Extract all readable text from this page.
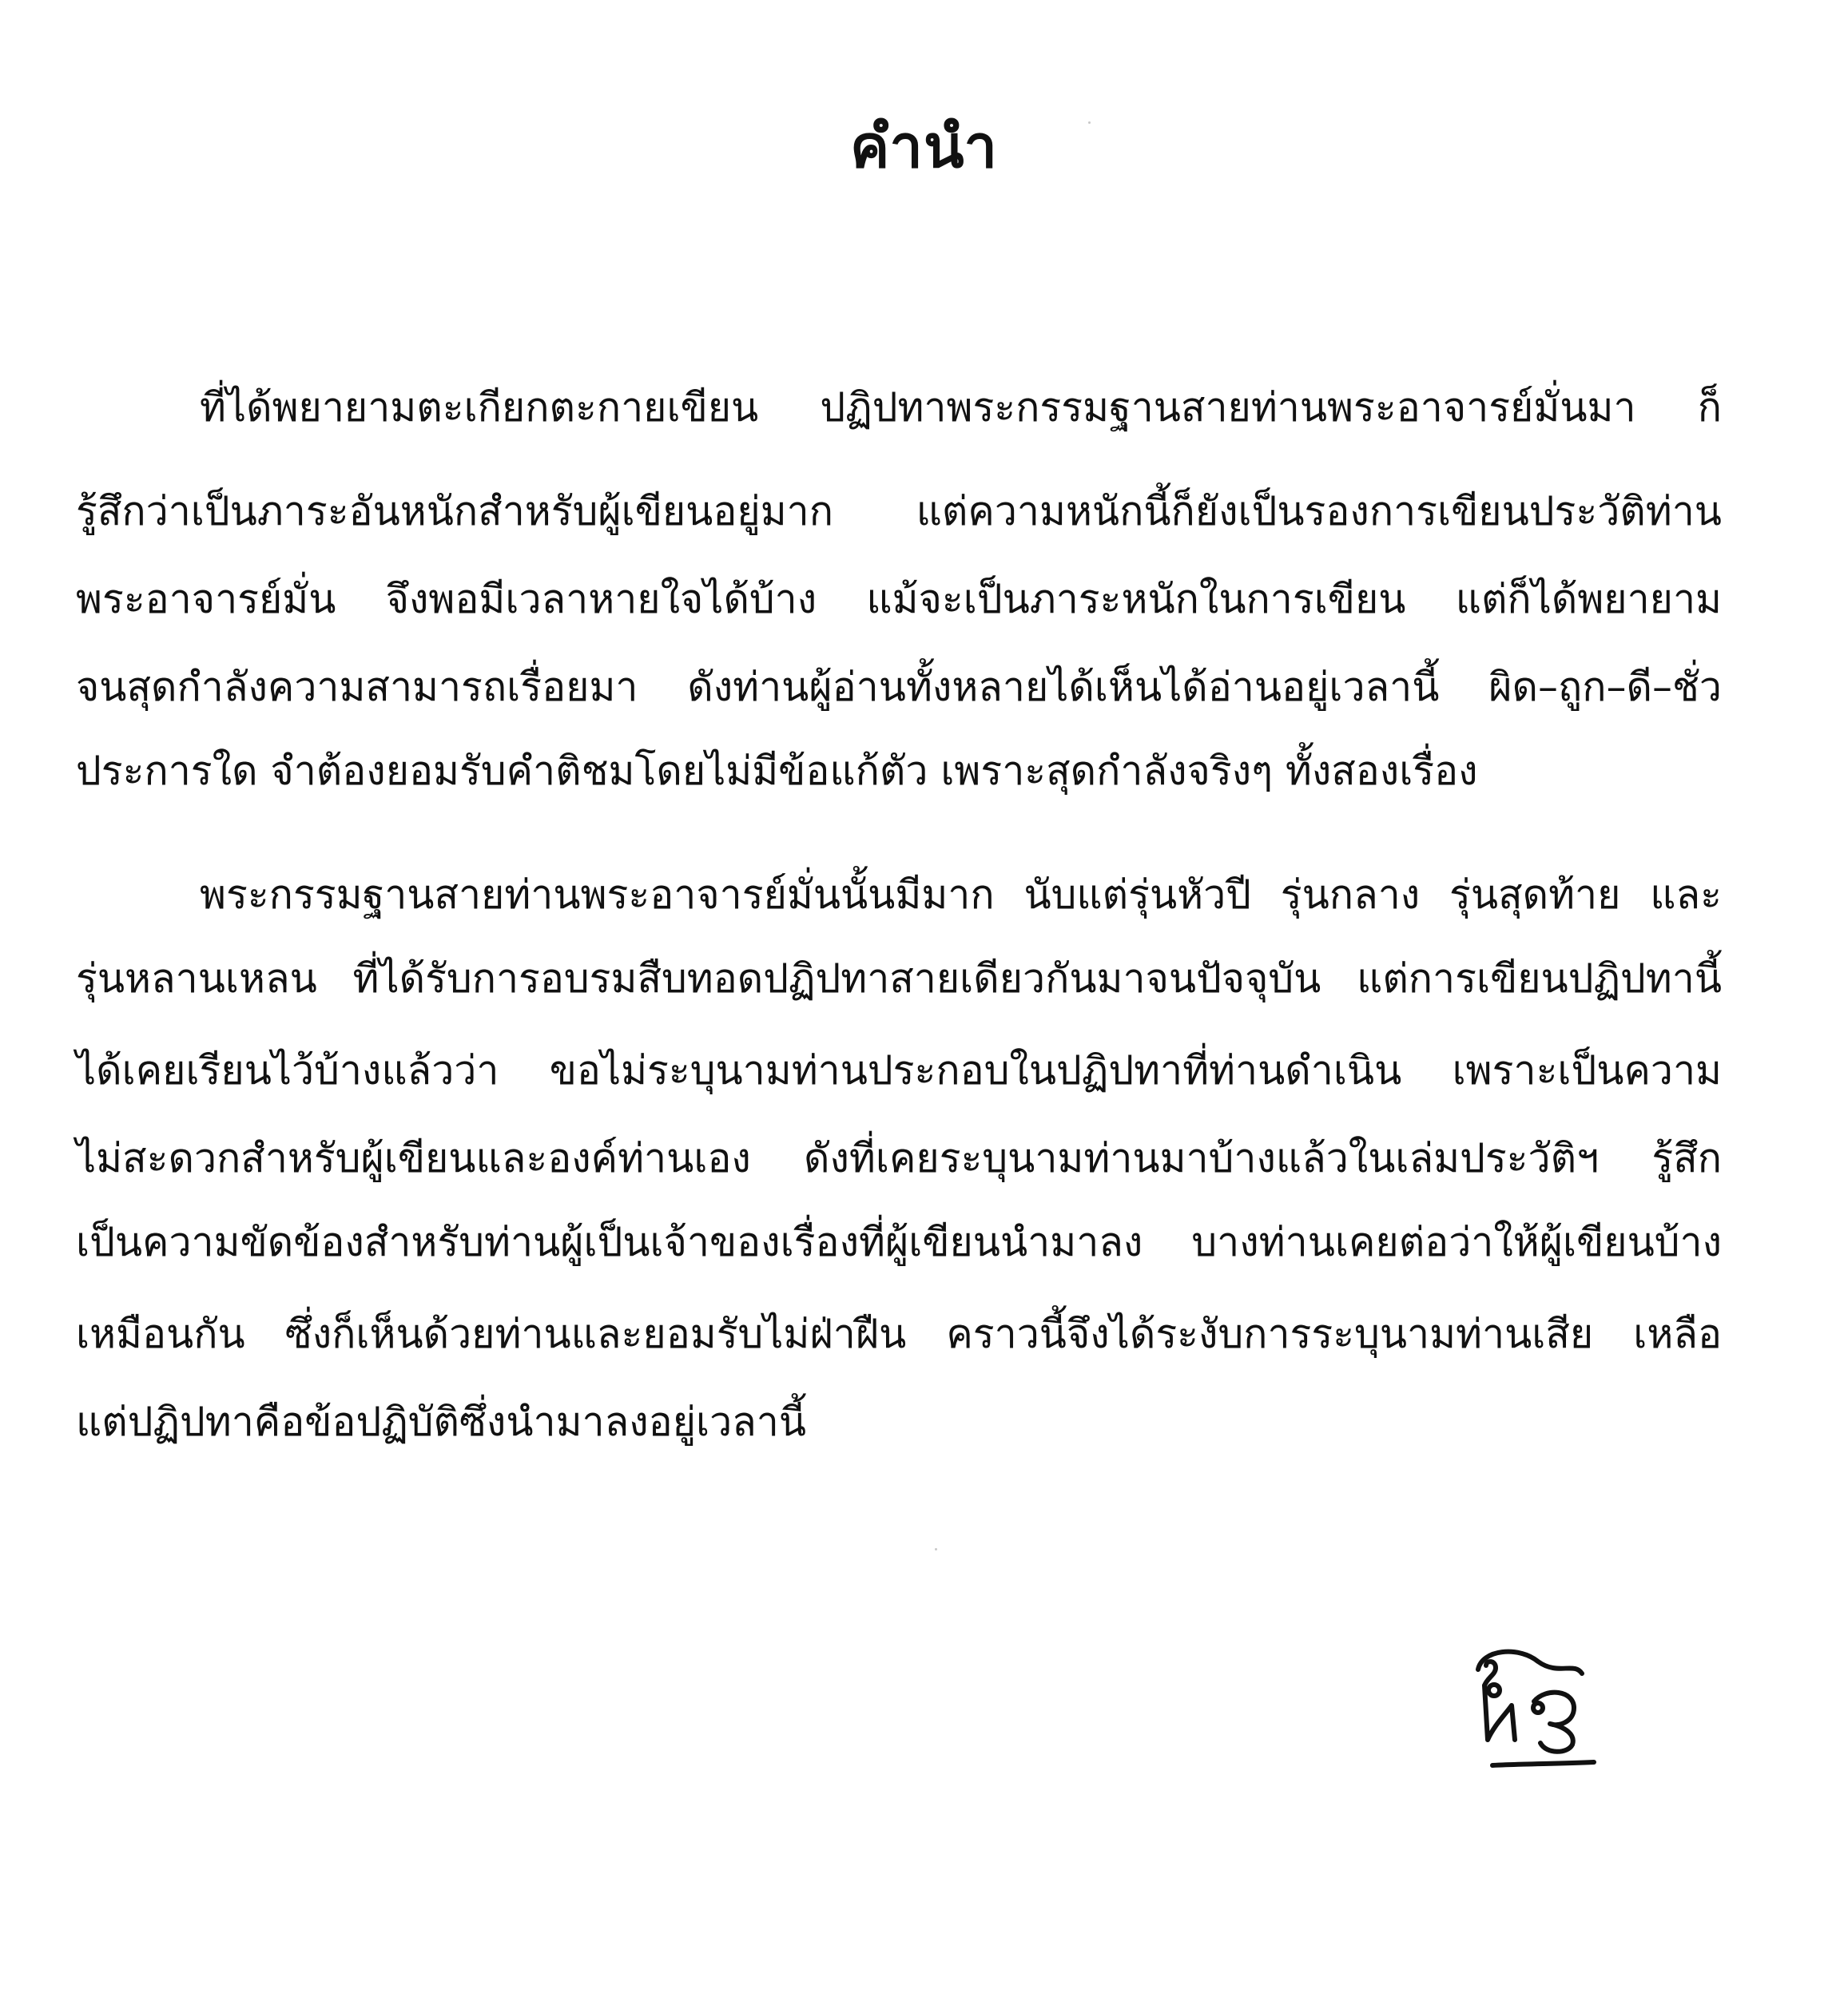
คำนำ
ที่ได้พยายามตะเกียกตะกายเขียน ปฏิปทาพระกรรมฐานสายท่านพระอาจารย์มั่นมา ก็
รู้สึกว่าเป็นภาระอันหนักสำหรับผู้เขียนอยู่มาก แต่ความหนักนี้ก็ยังเป็นรองการเขียนประวัติท่าน
พระอาจารย์มั่น จึงพอมีเวลาหายใจได้บ้าง แม้จะเป็นภาระหนักในการเขียน แต่ก็ได้พยายาม
จนสุดกำลังความสามารถเรื่อยมา ดังท่านผู้อ่านทั้งหลายได้เห็นได้อ่านอยู่เวลานี้ ผิด–ถูก–ดี–ชั่ว
ประการใด จำต้องยอมรับคำติชมโดยไม่มีข้อแก้ตัว เพราะสุดกำลังจริงๆ ทั้งสองเรื่อง
พระกรรมฐานสายท่านพระอาจารย์มั่นนั้นมีมาก นับแต่รุ่นหัวปี รุ่นกลาง รุ่นสุดท้าย และ
รุ่นหลานเหลน ที่ได้รับการอบรมสืบทอดปฏิปทาสายเดียวกันมาจนปัจจุบัน แต่การเขียนปฏิปทานี้
ได้เคยเรียนไว้บ้างแล้วว่า ขอไม่ระบุนามท่านประกอบในปฏิปทาที่ท่านดำเนิน เพราะเป็นความ
ไม่สะดวกสำหรับผู้เขียนและองค์ท่านเอง ดังที่เคยระบุนามท่านมาบ้างแล้วในเล่มประวัติฯ รู้สึก
เป็นความขัดข้องสำหรับท่านผู้เป็นเจ้าของเรื่องที่ผู้เขียนนำมาลง บางท่านเคยต่อว่าให้ผู้เขียนบ้าง
เหมือนกัน ซึ่งก็เห็นด้วยท่านและยอมรับไม่ฝ่าฝืน คราวนี้จึงได้ระงับการระบุนามท่านเสีย เหลือ
แต่ปฏิปทาคือข้อปฏิบัติซึ่งนำมาลงอยู่เวลานี้
